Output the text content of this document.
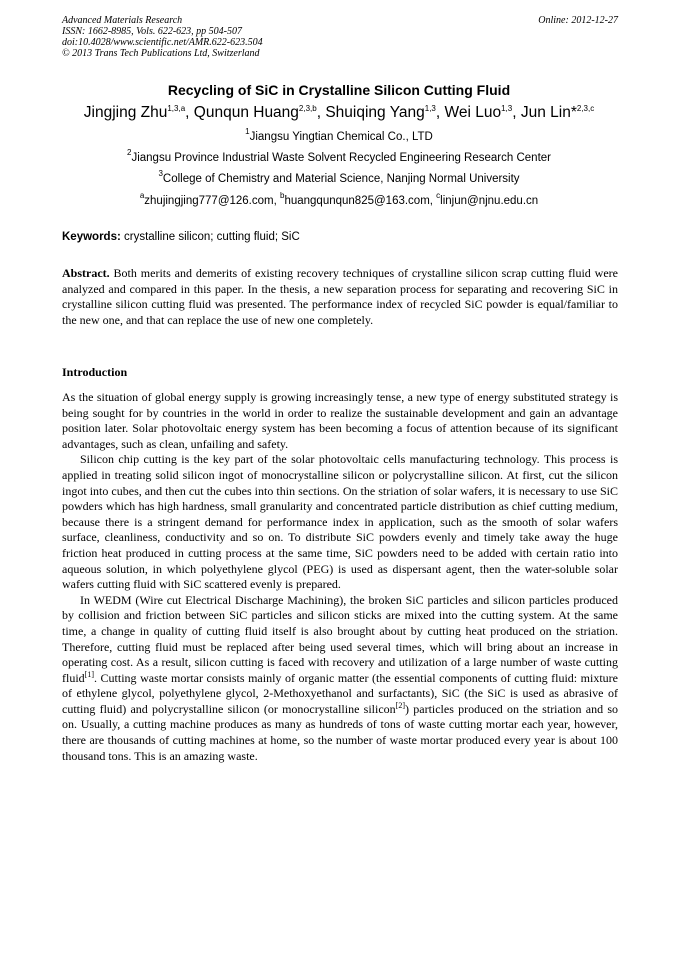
Advanced Materials Research
ISSN: 1662-8985, Vols. 622-623, pp 504-507
doi:10.4028/www.scientific.net/AMR.622-623.504
© 2013 Trans Tech Publications Ltd, Switzerland
Online: 2012-12-27
Recycling of SiC in Crystalline Silicon Cutting Fluid
Jingjing Zhu$^{1,3,a}$, Qunqun Huang$^{2,3,b}$, Shuiqing Yang$^{1,3}$, Wei Luo$^{1,3}$, Jun Lin*$^{2,3,c}$
$^1$Jiangsu Yingtian Chemical Co., LTD
$^2$Jiangsu Province Industrial Waste Solvent Recycled Engineering Research Center
$^3$College of Chemistry and Material Science, Nanjing Normal University
$^a$zhujingjing777@126.com, $^b$huangqunqun825@163.com, $^c$linjun@njnu.edu.cn
Keywords: crystalline silicon; cutting fluid; SiC
Abstract. Both merits and demerits of existing recovery techniques of crystalline silicon scrap cutting fluid were analyzed and compared in this paper. In the thesis, a new separation process for separating and recovering SiC in crystalline silicon cutting fluid was presented. The performance index of recycled SiC powder is equal/familiar to the new one, and that can replace the use of new one completely.
Introduction

As the situation of global energy supply is growing increasingly tense, a new type of energy substituted strategy is being sought for by countries in the world in order to realize the sustainable development and gain an advantage position later. Solar photovoltaic energy system has been becoming a focus of attention because of its significant advantages, such as clean, unfailing and safety.

Silicon chip cutting is the key part of the solar photovoltaic cells manufacturing technology. This process is applied in treating solid silicon ingot of monocrystalline silicon or polycrystalline silicon. At first, cut the silicon ingot into cubes, and then cut the cubes into thin sections. On the striation of solar wafers, it is necessary to use SiC powders which has high hardness, small granularity and concentrated particle distribution as chief cutting medium, because there is a stringent demand for performance index in application, such as the smooth of solar wafers surface, cleanliness, conductivity and so on. To distribute SiC powders evenly and timely take away the huge friction heat produced in cutting process at the same time, SiC powders need to be added with certain ratio into aqueous solution, in which polyethylene glycol (PEG) is used as dispersant agent, then the water-soluble solar wafers cutting fluid with SiC scattered evenly is prepared.

In WEDM (Wire cut Electrical Discharge Machining), the broken SiC particles and silicon particles produced by collision and friction between SiC particles and silicon sticks are mixed into the cutting system. At the same time, a change in quality of cutting fluid itself is also brought about by cutting heat produced on the striation. Therefore, cutting fluid must be replaced after being used several times, which will bring about an increase in operating cost. As a result, silicon cutting is faced with recovery and utilization of a large number of waste cutting fluid[1]. Cutting waste mortar consists mainly of organic matter (the essential components of cutting fluid: mixture of ethylene glycol, polyethylene glycol, 2-Methoxyethanol and surfactants), SiC (the SiC is used as abrasive of cutting fluid) and polycrystalline silicon (or monocrystalline silicon[2]) particles produced on the striation and so on. Usually, a cutting machine produces as many as hundreds of tons of waste cutting mortar each year, however, there are thousands of cutting machines at home, so the number of waste mortar produced every year is about 100 thousand tons. This is an amazing waste.
